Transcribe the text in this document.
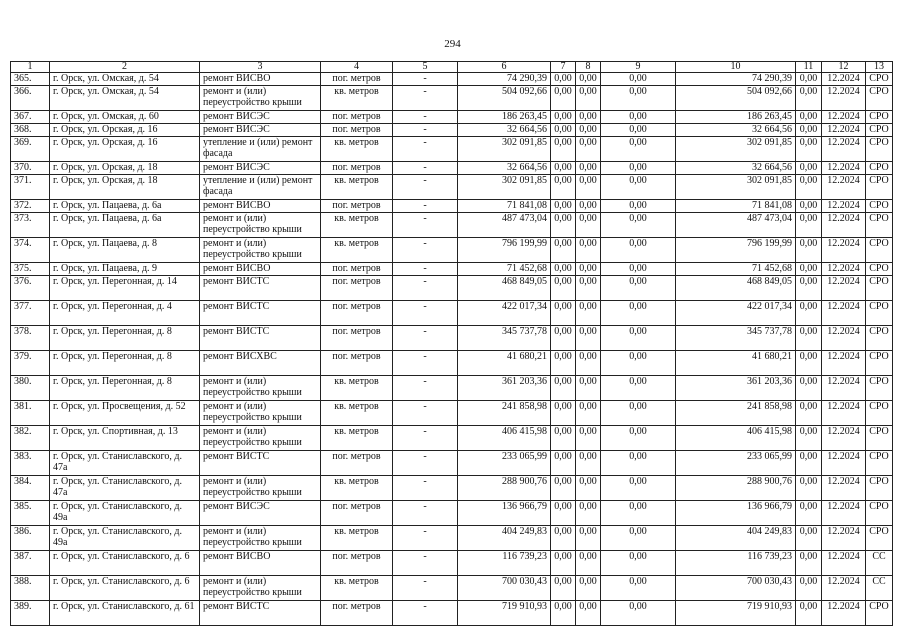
294
1	2	3	4	5	6	7	8	9	10	11	12	13
365.	г. Орск, ул. Омская, д. 54	ремонт ВИСВО	пог. метров	-	74 290,39	0,00	0,00	0,00	74 290,39	0,00	12.2024	СРО
366.	г. Орск, ул. Омская, д. 54	ремонт и (или) переустройство крыши	кв. метров	-	504 092,66	0,00	0,00	0,00	504 092,66	0,00	12.2024	СРО
367.	г. Орск, ул. Омская, д. 60	ремонт ВИСЭС	пог. метров	-	186 263,45	0,00	0,00	0,00	186 263,45	0,00	12.2024	СРО
368.	г. Орск, ул. Орская, д. 16	ремонт ВИСЭС	пог. метров	-	32 664,56	0,00	0,00	0,00	32 664,56	0,00	12.2024	СРО
369.	г. Орск, ул. Орская, д. 16	утепление и (или) ремонт фасада	кв. метров	-	302 091,85	0,00	0,00	0,00	302 091,85	0,00	12.2024	СРО
370.	г. Орск, ул. Орская, д. 18	ремонт ВИСЭС	пог. метров	-	32 664,56	0,00	0,00	0,00	32 664,56	0,00	12.2024	СРО
371.	г. Орск, ул. Орская, д. 18	утепление и (или) ремонт фасада	кв. метров	-	302 091,85	0,00	0,00	0,00	302 091,85	0,00	12.2024	СРО
372.	г. Орск, ул. Пацаева, д. 6а	ремонт ВИСВО	пог. метров	-	71 841,08	0,00	0,00	0,00	71 841,08	0,00	12.2024	СРО
373.	г. Орск, ул. Пацаева, д. 6а	ремонт и (или) переустройство крыши	кв. метров	-	487 473,04	0,00	0,00	0,00	487 473,04	0,00	12.2024	СРО
374.	г. Орск, ул. Пацаева, д. 8	ремонт и (или) переустройство крыши	кв. метров	-	796 199,99	0,00	0,00	0,00	796 199,99	0,00	12.2024	СРО
375.	г. Орск, ул. Пацаева, д. 9	ремонт ВИСВО	пог. метров	-	71 452,68	0,00	0,00	0,00	71 452,68	0,00	12.2024	СРО
376.	г. Орск, ул. Перегонная, д. 14	ремонт ВИСТС	пог. метров	-	468 849,05	0,00	0,00	0,00	468 849,05	0,00	12.2024	СРО
377.	г. Орск, ул. Перегонная, д. 4	ремонт ВИСТС	пог. метров	-	422 017,34	0,00	0,00	0,00	422 017,34	0,00	12.2024	СРО
378.	г. Орск, ул. Перегонная, д. 8	ремонт ВИСТС	пог. метров	-	345 737,78	0,00	0,00	0,00	345 737,78	0,00	12.2024	СРО
379.	г. Орск, ул. Перегонная, д. 8	ремонт ВИСХВС	пог. метров	-	41 680,21	0,00	0,00	0,00	41 680,21	0,00	12.2024	СРО
380.	г. Орск, ул. Перегонная, д. 8	ремонт и (или) переустройство крыши	кв. метров	-	361 203,36	0,00	0,00	0,00	361 203,36	0,00	12.2024	СРО
381.	г. Орск, ул. Просвещения, д. 52	ремонт и (или) переустройство крыши	кв. метров	-	241 858,98	0,00	0,00	0,00	241 858,98	0,00	12.2024	СРО
382.	г. Орск, ул. Спортивная, д. 13	ремонт и (или) переустройство крыши	кв. метров	-	406 415,98	0,00	0,00	0,00	406 415,98	0,00	12.2024	СРО
383.	г. Орск, ул. Станиславского, д. 47а	ремонт ВИСТС	пог. метров	-	233 065,99	0,00	0,00	0,00	233 065,99	0,00	12.2024	СРО
384.	г. Орск, ул. Станиславского, д. 47а	ремонт и (или) переустройство крыши	кв. метров	-	288 900,76	0,00	0,00	0,00	288 900,76	0,00	12.2024	СРО
385.	г. Орск, ул. Станиславского, д. 49а	ремонт ВИСЭС	пог. метров	-	136 966,79	0,00	0,00	0,00	136 966,79	0,00	12.2024	СРО
386.	г. Орск, ул. Станиславского, д. 49а	ремонт и (или) переустройство крыши	кв. метров	-	404 249,83	0,00	0,00	0,00	404 249,83	0,00	12.2024	СРО
387.	г. Орск, ул. Станиславского, д. 6	ремонт ВИСВО	пог. метров	-	116 739,23	0,00	0,00	0,00	116 739,23	0,00	12.2024	СС
388.	г. Орск, ул. Станиславского, д. 6	ремонт и (или) переустройство крыши	кв. метров	-	700 030,43	0,00	0,00	0,00	700 030,43	0,00	12.2024	СС
389.	г. Орск, ул. Станиславского, д. 61	ремонт ВИСТС	пог. метров	-	719 910,93	0,00	0,00	0,00	719 910,93	0,00	12.2024	СРО
